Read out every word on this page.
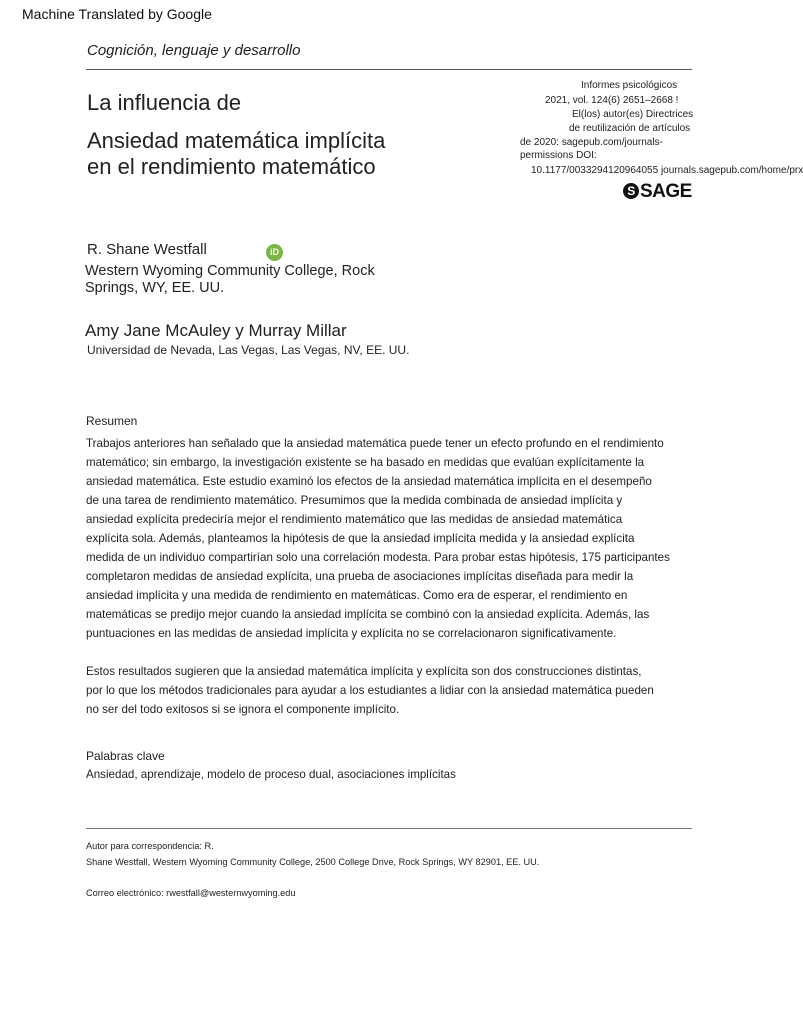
Machine Translated by Google
Cognición, lenguaje y desarrollo
La influencia de
Ansiedad matemática implícita
en el rendimiento matemático
Informes psicológicos
2021, vol. 124(6) 2651–2668 !
El(los) autor(es) Directrices
de reutilización de artículos
de 2020: sagepub.com/journals-
permissions DOI:
10.1177/0033294120964055 journals.sagepub.com/home/prx
S SAGE
R. Shane Westfall	iD
Western Wyoming Community College, Rock
Springs, WY, EE. UU.
Amy Jane McAuley y Murray Millar
Universidad de Nevada, Las Vegas, Las Vegas, NV, EE. UU.
Resumen
Trabajos anteriores han señalado que la ansiedad matemática puede tener un efecto profundo en el rendimiento
matemático; sin embargo, la investigación existente se ha basado en medidas que evalúan explícitamente la
ansiedad matemática. Este estudio examinó los efectos de la ansiedad matemática implícita en el desempeño
de una tarea de rendimiento matemático. Presumimos que la medida combinada de ansiedad implícita y
ansiedad explícita predeciría mejor el rendimiento matemático que las medidas de ansiedad matemática
explícita sola. Además, planteamos la hipótesis de que la ansiedad implícita medida y la ansiedad explícita
medida de un individuo compartirían solo una correlación modesta. Para probar estas hipótesis, 175 participantes
completaron medidas de ansiedad explícita, una prueba de asociaciones implícitas diseñada para medir la
ansiedad implícita y una medida de rendimiento en matemáticas. Como era de esperar, el rendimiento en
matemáticas se predijo mejor cuando la ansiedad implícita se combinó con la ansiedad explícita. Además, las
puntuaciones en las medidas de ansiedad implícita y explícita no se correlacionaron significativamente.
Estos resultados sugieren que la ansiedad matemática implícita y explícita son dos construcciones distintas,
por lo que los métodos tradicionales para ayudar a los estudiantes a lidiar con la ansiedad matemática pueden
no ser del todo exitosos si se ignora el componente implícito.
Palabras clave
Ansiedad, aprendizaje, modelo de proceso dual, asociaciones implícitas
Autor para correspondencia: R.
Shane Westfall, Western Wyoming Community College, 2500 College Drive, Rock Springs, WY 82901, EE. UU.
Correo electrónico: rwestfall@westernwyoming.edu
